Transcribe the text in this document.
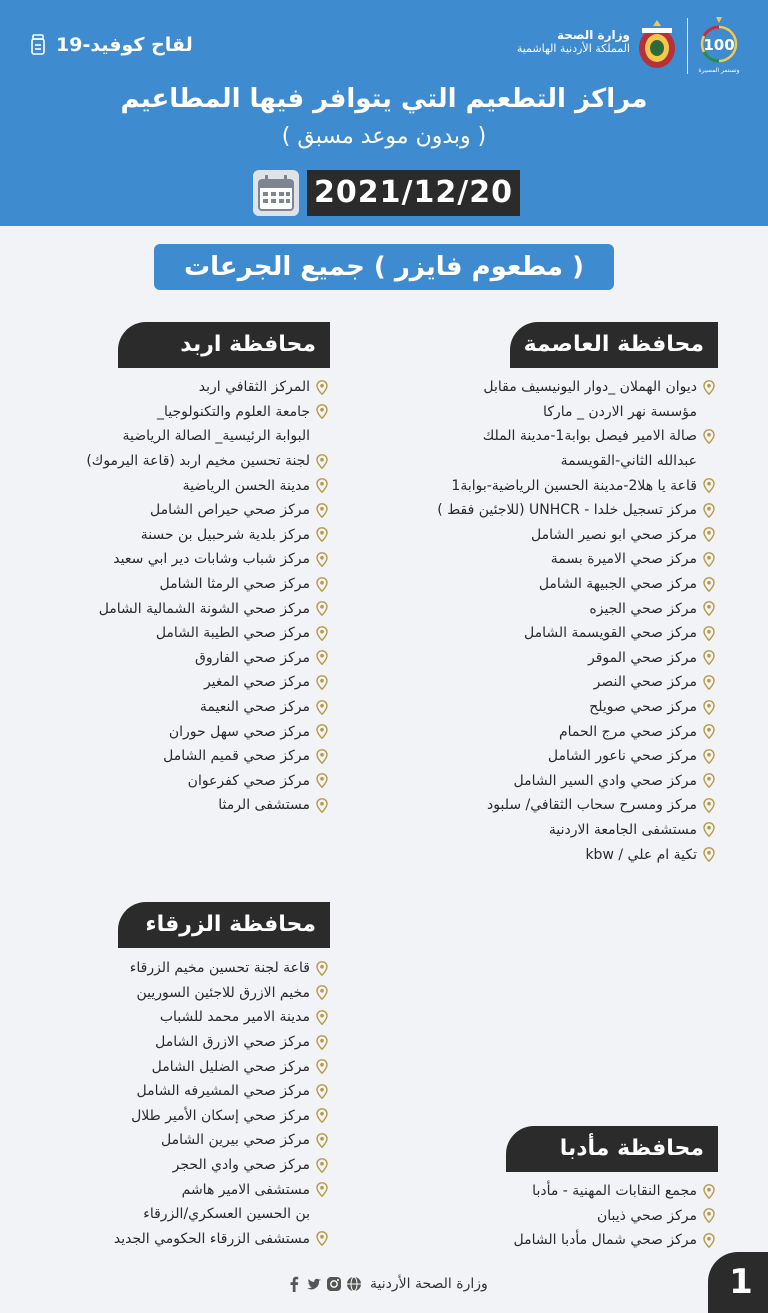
لقاح كوفيد-19	وزارة الصحة
المملكة الأردنية الهاشمية	100
وتستمر المسيرة
مراكز التطعيم التي يتوافر فيها المطاعيم
( وبدون موعد مسبق )
2021/12/20
( مطعوم فايزر ) جميع الجرعات
محافظة العاصمة
محافظة اربد
محافظة الزرقاء
محافظة مأدبا
ديوان الهملان _دوار اليونيسيف مقابل
مؤسسة نهر الاردن _ ماركا
صالة الامير فيصل بوابة1-مدينة الملك
عبدالله الثاني-القويسمة
قاعة يا هلا2-مدينة الحسين الرياضية-بوابة1
مركز تسجيل خلدا - UNHCR (للاجئين فقط )
مركز صحي ابو نصير الشامل
مركز صحي الاميرة بسمة
مركز صحي الجبيهة الشامل
مركز صحي الجيزه
مركز صحي القويسمة الشامل
مركز صحي الموقر
مركز صحي النصر
مركز صحي صويلح
مركز صحي مرج الحمام
مركز صحي ناعور الشامل
مركز صحي وادي السير الشامل
مركز ومسرح سحاب الثقافي/ سلبود
مستشفى الجامعة الاردنية
تكية ام علي / kbw
المركز الثقافي اربد
جامعة العلوم والتكنولوجيا_
البوابة الرئيسية_ الصالة الرياضية
لجنة تحسين مخيم اربد (قاعة اليرموك)
مدينة الحسن الرياضية
مركز صحي حيراص الشامل
مركز بلدية شرحبيل بن حسنة
مركز شباب وشابات دير ابي سعيد
مركز صحي الرمثا الشامل
مركز صحي الشونة الشمالية الشامل
مركز صحي الطيبة الشامل
مركز صحي الفاروق
مركز صحي المغير
مركز صحي النعيمة
مركز صحي سهل حوران
مركز صحي قميم الشامل
مركز صحي كفرعوان
مستشفى الرمثا
قاعة لجنة تحسين مخيم الزرقاء
مخيم الازرق للاجئين السوريين
مدينة الامير محمد للشباب
مركز صحي الازرق الشامل
مركز صحي الضليل الشامل
مركز صحي المشيرفه الشامل
مركز صحي إسكان الأمير طلال
مركز صحي بيرين الشامل
مركز صحي وادي الحجر
مستشفى الامير هاشم
بن الحسين العسكري/الزرقاء
مستشفى الزرقاء الحكومي الجديد
مجمع النقابات المهنية - مأدبا
مركز صحي ذيبان
مركز صحي شمال مأدبا الشامل
وزارة الصحة الأردنية	1
